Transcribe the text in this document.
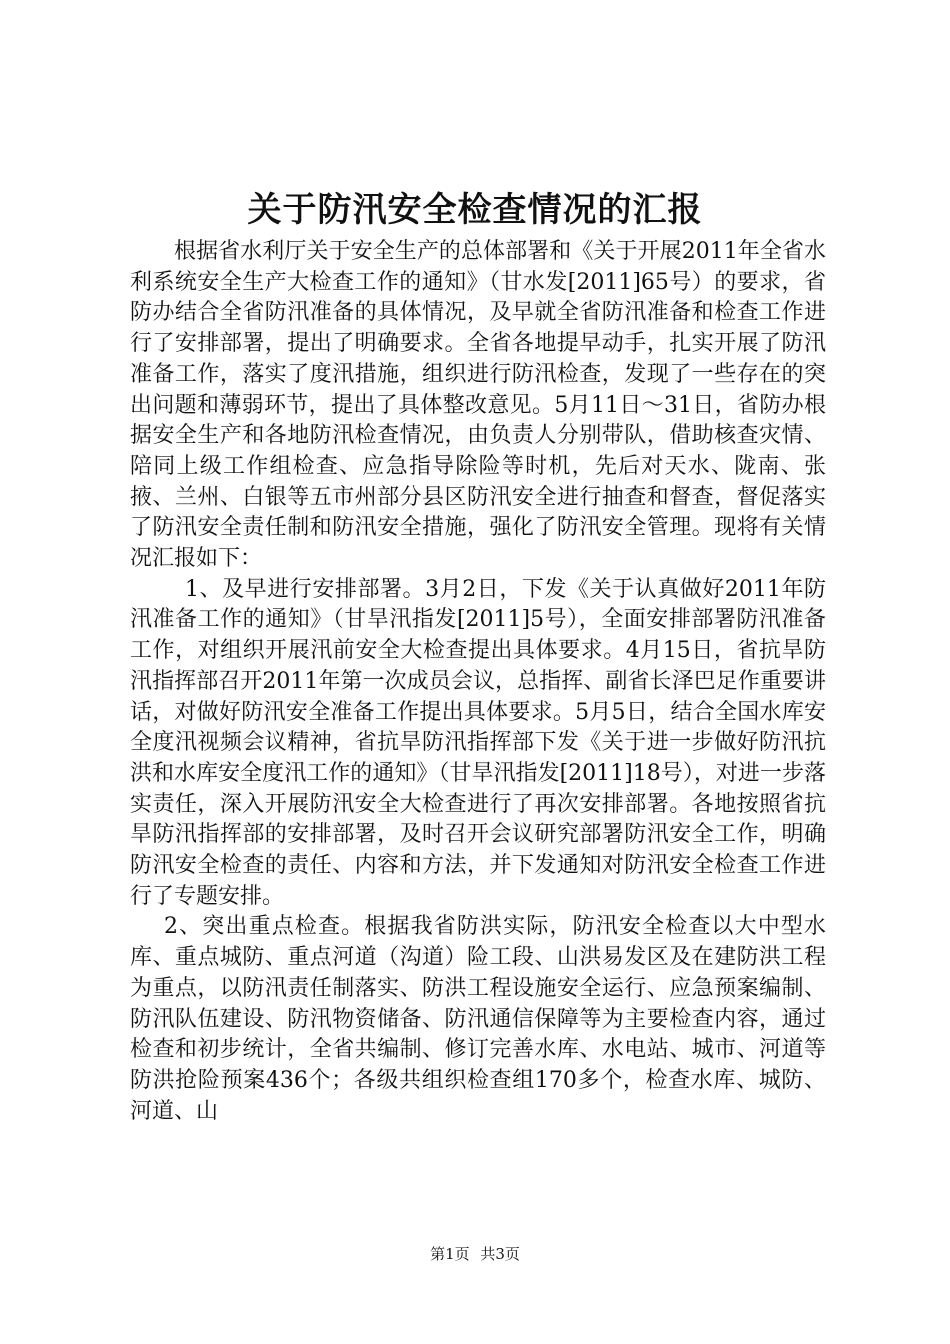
关于防汛安全检查情况的汇报

根据省水利厅关于安全生产的总体部署和《关于开展2011年全省水利系统安全生产大检查工作的通知》（甘水发[2011]65号）的要求，省防办结合全省防汛准备的具体情况，及早就全省防汛准备和检查工作进行了安排部署，提出了明确要求。全省各地提早动手，扎实开展了防汛准备工作，落实了度汛措施，组织进行防汛检查，发现了一些存在的突出问题和薄弱环节，提出了具体整改意见。5月11日～31日，省防办根据安全生产和各地防汛检查情况，由负责人分别带队，借助核查灾情、陪同上级工作组检查、应急指导除险等时机，先后对天水、陇南、张掖、兰州、白银等五市州部分县区防汛安全进行抽查和督查，督促落实了防汛安全责任制和防汛安全措施，强化了防汛安全管理。现将有关情况汇报如下：

1、及早进行安排部署。3月2日，下发《关于认真做好2011年防汛准备工作的通知》（甘旱汛指发[2011]5号），全面安排部署防汛准备工作，对组织开展汛前安全大检查提出具体要求。4月15日，省抗旱防汛指挥部召开2011年第一次成员会议，总指挥、副省长泽巴足作重要讲话，对做好防汛安全准备工作提出具体要求。5月5日，结合全国水库安全度汛视频会议精神，省抗旱防汛指挥部下发《关于进一步做好防汛抗洪和水库安全度汛工作的通知》（甘旱汛指发[2011]18号），对进一步落实责任，深入开展防汛安全大检查进行了再次安排部署。各地按照省抗旱防汛指挥部的安排部署，及时召开会议研究部署防汛安全工作，明确防汛安全检查的责任、内容和方法，并下发通知对防汛安全检查工作进行了专题安排。

2、突出重点检查。根据我省防洪实际，防汛安全检查以大中型水库、重点城防、重点河道（沟道）险工段、山洪易发区及在建防洪工程为重点，以防汛责任制落实、防洪工程设施安全运行、应急预案编制、防汛队伍建设、防汛物资储备、防汛通信保障等为主要检查内容，通过检查和初步统计，全省共编制、修订完善水库、水电站、城市、河道等防洪抢险预案436个；各级共组织检查组170多个，检查水库、城防、河道、山

第1页 共3页
